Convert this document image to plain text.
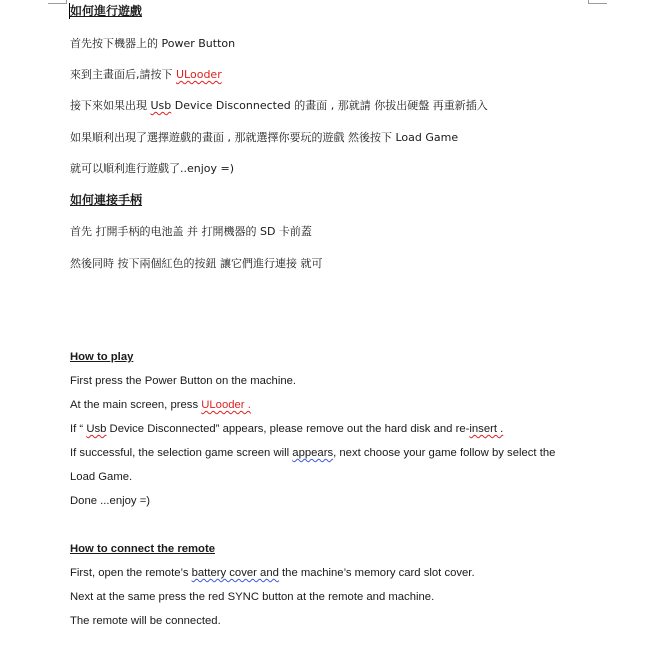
如何進行遊戲
首先按下機器上的 Power Button
來到主畫面后,請按下 ULooder
接下來如果出現 Usb Device Disconnected 的畫面 , 那就請 你拔出硬盤 再重新插入
如果順利出現了選擇遊戲的畫面 , 那就選擇你要玩的遊戲 然後按下 Load Game
就可以順利進行遊戲了..enjoy =)
如何連接手柄
首先 打開手柄的电池盖 并 打開機器的 SD 卡前蓋
然後同時 按下兩個紅色的按鈕 讓它們進行連接 就可
How to play
First press the Power Button on the machine.
At the main screen, press ULooder .
If “ Usb Device Disconnected” appears, please remove out the hard disk and re-insert .
If successful, the selection game screen will appears, next choose your game follow by select the
Load Game.
Done ...enjoy =)
How to connect the remote
First, open the remote’s battery cover and the machine’s memory card slot cover.
Next at the same press the red SYNC button at the remote and machine.
The remote will be connected.
